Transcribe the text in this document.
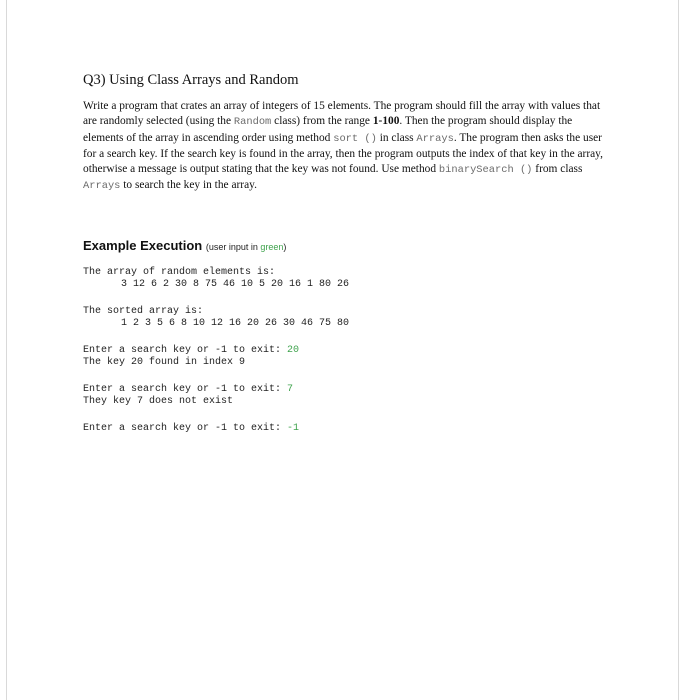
Q3) Using Class Arrays and Random

Write a program that crates an array of integers of 15 elements. The program should fill the array with values that are randomly selected (using the Random class) from the range 1-100. Then the program should display the elements of the array in ascending order using method sort () in class Arrays. The program then asks the user for a search key. If the search key is found in the array, then the program outputs the index of that key in the array, otherwise a message is output stating that the key was not found. Use method binarySearch () from class Arrays to search the key in the array.

Example Execution (user input in green)
The array of random elements is:
3 12 6 2 30 8 75 46 10 5 20 16 1 80 26
The sorted array is:
1 2 3 5 6 8 10 12 16 20 26 30 46 75 80
Enter a search key or -1 to exit: 20
The key 20 found in index 9
Enter a search key or -1 to exit: 7
They key 7 does not exist
Enter a search key or -1 to exit: -1
